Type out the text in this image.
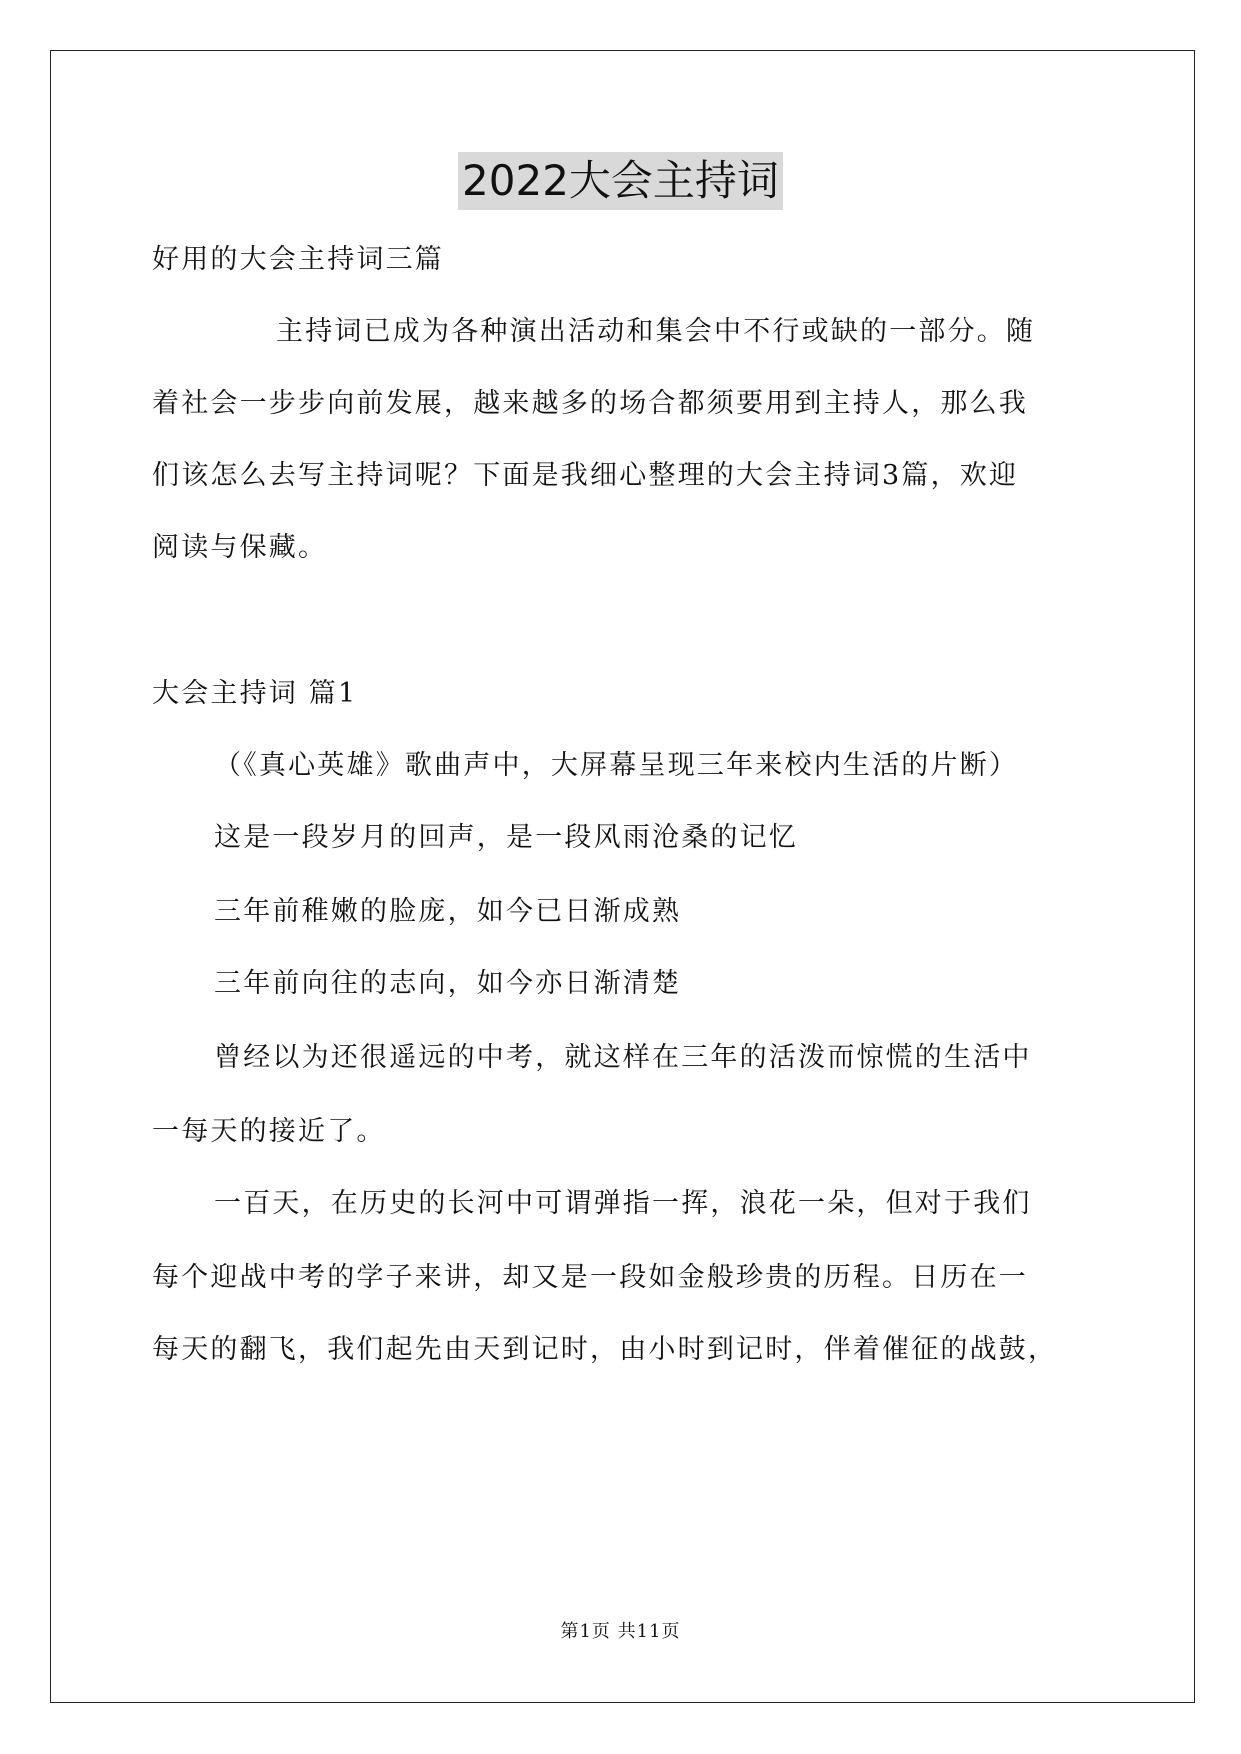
2022大会主持词
好用的大会主持词三篇
主持词已成为各种演出活动和集会中不行或缺的一部分。随
着社会一步步向前发展，越来越多的场合都须要用到主持人，那么我
们该怎么去写主持词呢？下面是我细心整理的大会主持词3篇，欢迎
阅读与保藏。
大会主持词 篇1
（《真心英雄》歌曲声中，大屏幕呈现三年来校内生活的片断）
这是一段岁月的回声，是一段风雨沧桑的记忆
三年前稚嫩的脸庞，如今已日渐成熟
三年前向往的志向，如今亦日渐清楚
曾经以为还很遥远的中考，就这样在三年的活泼而惊慌的生活中
一每天的接近了。
一百天，在历史的长河中可谓弹指一挥，浪花一朵，但对于我们
每个迎战中考的学子来讲，却又是一段如金般珍贵的历程。日历在一
每天的翻飞，我们起先由天到记时，由小时到记时，伴着催征的战鼓，
第1页 共11页
